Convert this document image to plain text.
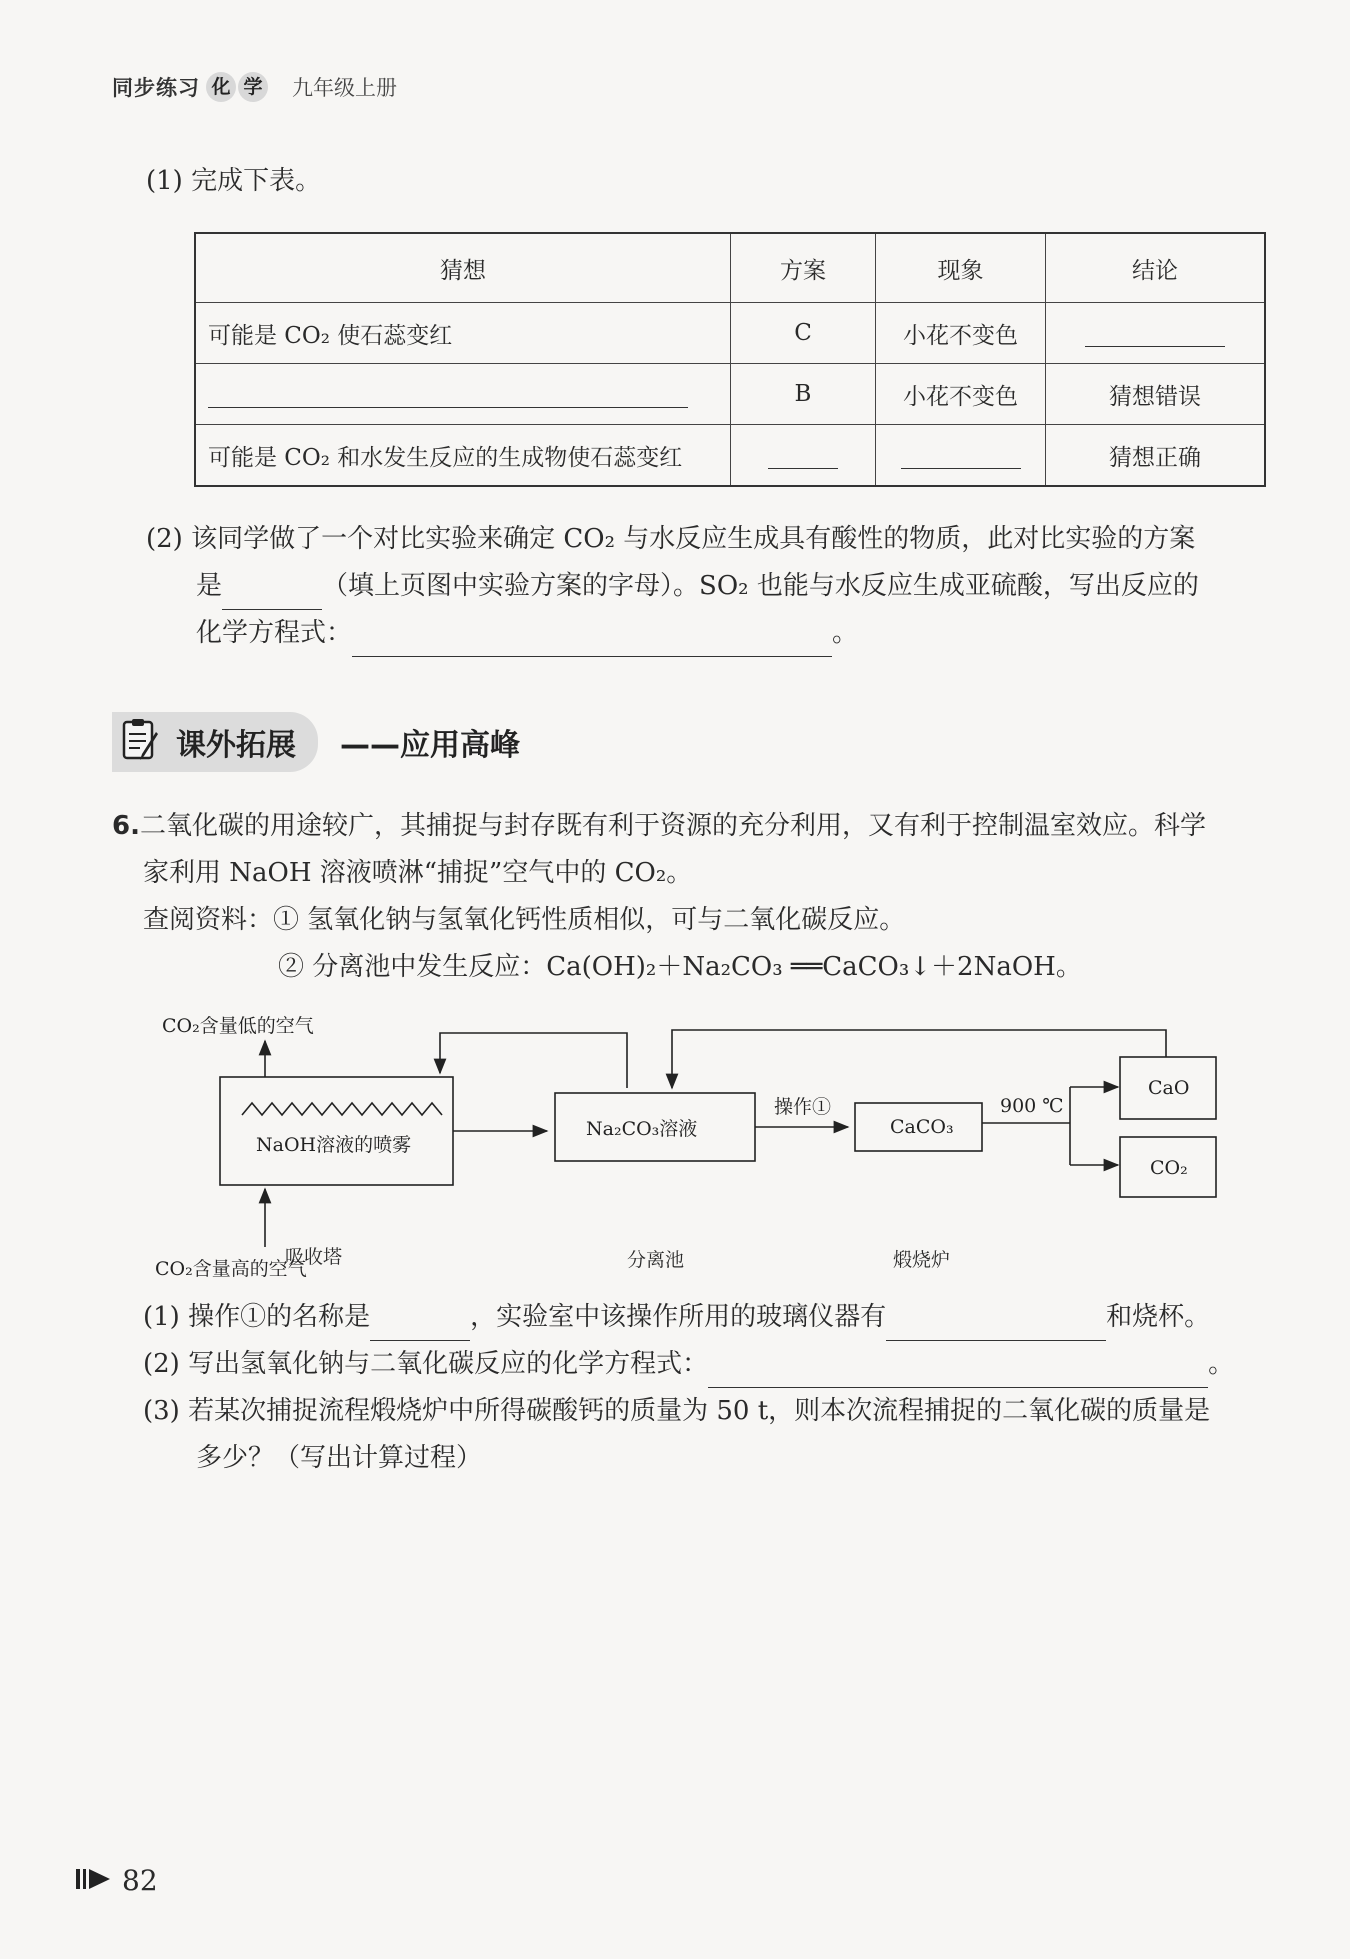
同步练习 化 学 九年级上册
(1) 完成下表。
猜想	方案	现象	结论
可能是 CO₂ 使石蕊变红	C	小花不变色	
	B	小花不变色	猜想错误
可能是 CO₂ 和水发生反应的生成物使石蕊变红			猜想正确
(2) 该同学做了一个对比实验来确定 CO₂ 与水反应生成具有酸性的物质，此对比实验的方案
是	（填上页图中实验方案的字母）。SO₂ 也能与水反应生成亚硫酸，写出反应的
化学方程式：	。
课外拓展 ——应用高峰
6.二氧化碳的用途较广，其捕捉与封存既有利于资源的充分利用，又有利于控制温室效应。科学
家利用 NaOH 溶液喷淋“捕捉”空气中的 CO₂。
查阅资料：① 氢氧化钠与氢氧化钙性质相似，可与二氧化碳反应。
② 分离池中发生反应：Ca(OH)₂＋Na₂CO₃ ══CaCO₃↓＋2NaOH。
CO₂含量低的空气
NaOH溶液的喷雾
CO₂含量高的空气
Na₂CO₃溶液
操作①
CaCO₃
900 ℃
CaO
CO₂
吸收塔	分离池	煅烧炉
(1) 操作①的名称是	，实验室中该操作所用的玻璃仪器有	和烧杯。
(2) 写出氢氧化钠与二氧化碳反应的化学方程式：	。
(3) 若某次捕捉流程煅烧炉中所得碳酸钙的质量为 50 t，则本次流程捕捉的二氧化碳的质量是
多少？（写出计算过程）
82
